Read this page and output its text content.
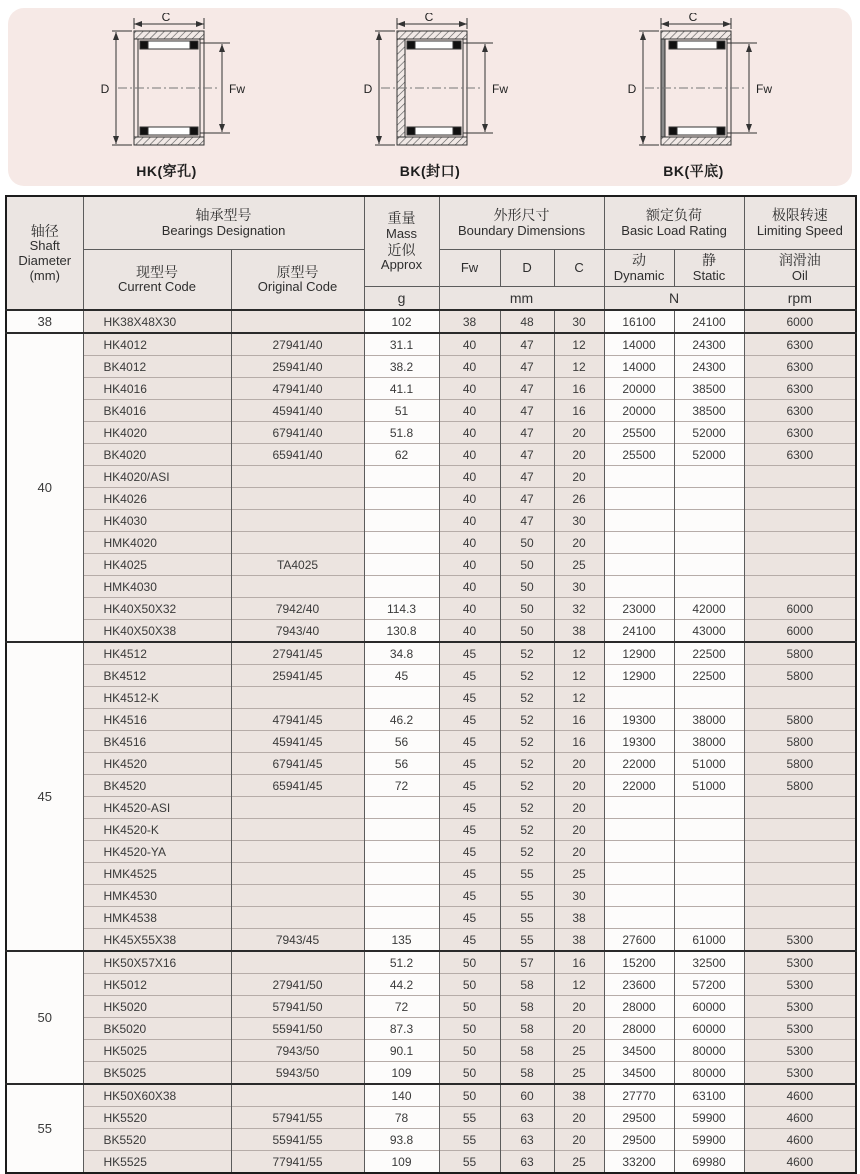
C
D	Fw
HK(穿孔)
C
D	Fw
BK(封口)
C
D	Fw
BK(平底)
轴径
Shaft
Diameter
(mm)

轴承型号
Bearings Designation

重量
Mass
近似
Approx

外形尺寸
Boundary Dimensions

额定负荷
Basic Load Rating

极限转速
Limiting Speed

现型号
Current Code

原型号
Original Code

Fw	D	C	动
Dynamic

静
Static

润滑油
Oil

			g	mm			N		rpm
38	HK38X48X30		102	38	48	30	16100	24100	6000
40	HK4012	27941/40	31.1	40	47	12	14000	24300	6300
	BK4012	25941/40	38.2	40	47	12	14000	24300	6300
	HK4016	47941/40	41.1	40	47	16	20000	38500	6300
	BK4016	45941/40	51	40	47	16	20000	38500	6300
	HK4020	67941/40	51.8	40	47	20	25500	52000	6300
	BK4020	65941/40	62	40	47	20	25500	52000	6300
	HK4020/ASI			40	47	20			
	HK4026			40	47	26			
	HK4030			40	47	30			
	HMK4020			40	50	20			
	HK4025	TA4025		40	50	25			
	HMK4030			40	50	30			
	HK40X50X32	7942/40	114.3	40	50	32	23000	42000	6000
	HK40X50X38	7943/40	130.8	40	50	38	24100	43000	6000
45	HK4512	27941/45	34.8	45	52	12	12900	22500	5800
	BK4512	25941/45	45	45	52	12	12900	22500	5800
	HK4512-K			45	52	12			
	HK4516	47941/45	46.2	45	52	16	19300	38000	5800
	BK4516	45941/45	56	45	52	16	19300	38000	5800
	HK4520	67941/45	56	45	52	20	22000	51000	5800
	BK4520	65941/45	72	45	52	20	22000	51000	5800
	HK4520-ASI			45	52	20			
	HK4520-K			45	52	20			
	HK4520-YA			45	52	20			
	HMK4525			45	55	25			
	HMK4530			45	55	30			
	HMK4538			45	55	38			
	HK45X55X38	7943/45	135	45	55	38	27600	61000	5300
50	HK50X57X16		51.2	50	57	16	15200	32500	5300
	HK5012	27941/50	44.2	50	58	12	23600	57200	5300
	HK5020	57941/50	72	50	58	20	28000	60000	5300
	BK5020	55941/50	87.3	50	58	20	28000	60000	5300
	HK5025	7943/50	90.1	50	58	25	34500	80000	5300
	BK5025	5943/50	109	50	58	25	34500	80000	5300
55	HK50X60X38		140	50	60	38	27770	63100	4600
	HK5520	57941/55	78	55	63	20	29500	59900	4600
	BK5520	55941/55	93.8	55	63	20	29500	59900	4600
	HK5525	77941/55	109	55	63	25	33200	69980	4600
